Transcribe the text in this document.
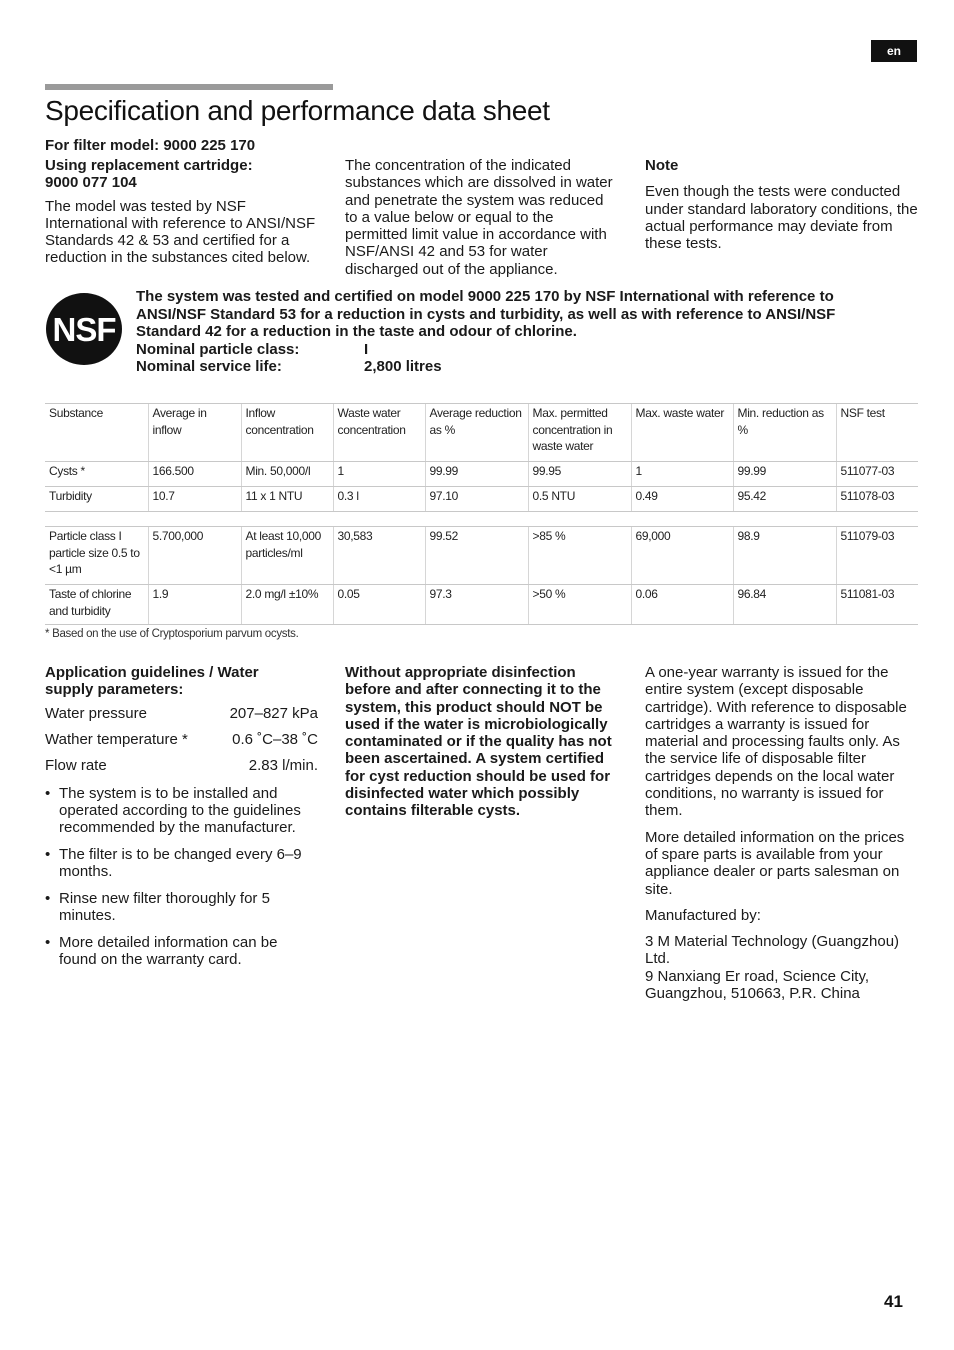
en
Specification and performance data sheet
For filter model: 9000 225 170

Using replacement cartridge:

9000 077 104

The model was tested by NSF International with reference to ANSI/NSF Standards 42 & 53 and certified for a reduction in the substances cited below.

The concentration of the indicated substances which are dissolved in water and penetrate the system was reduced to a value below or equal to the permitted limit value in accordance with NSF/ANSI 42 and 53 for water discharged out of the appliance.

Note

Even though the tests were conducted under standard laboratory conditions, the actual performance may deviate from these tests.

NSF

The system was tested and certified on model 9000 225 170 by NSF International with reference to ANSI/NSF Standard 53 for a reduction in cysts and turbidity, as well as with reference to ANSI/NSF Standard 42 for a reduction in the taste and odour of chlorine.

Nominal particle class:	I
Nominal service life:	2,800 litres
Substance	Average in inflow	Inflow concentration	Waste water concentration	Average reduction as %	Max. permitted concentration in waste water	Max. waste water	Min. reduction as %	NSF test
Cysts *	166.500	Min. 50,000/l	1	99.99	99.95	1	99.99	511077-03
Turbidity	10.7	11 x 1 NTU	0.3 l	97.10	0.5 NTU	0.49	95.42	511078-03
Particle class I particle size 0.5 to <1 µm	5.700,000	At least 10,000 particles/ml	30,583	99.52	>85 %	69,000	98.9	511079-03
Taste of chlorine and turbidity	1.9	2.0 mg/l ±10%	0.05	97.3	>50 %	0.06	96.84	511081-03
* Based on the use of Cryptosporium parvum ocysts.

Application guidelines / Water supply parameters:

Water pressure	207–827 kPa
Wather temperature *	0.6 ˚C–38 ˚C
Flow rate	2.83 l/min.
• The system is to be installed and operated according to the guidelines recommended by the manufacturer.
• The filter is to be changed every 6–9 months.
• Rinse new filter thoroughly for 5 minutes.
• More detailed information can be found on the warranty card.
Without appropriate disinfection before and after connecting it to the system, this product should NOT be used if the water is microbiologically contaminated or if the quality has not been ascertained. A system certified for cyst reduction should be used for disinfected water which possibly contains filterable cysts.

A one-year warranty is issued for the entire system (except disposable cartridge). With reference to disposable cartridges a warranty is issued for material and processing faults only. As the service life of disposable filter cartridges depends on the local water conditions, no warranty is issued for them.

More detailed information on the prices of spare parts is available from your appliance dealer or parts salesman on site.

Manufactured by:

3 M Material Technology (Guangzhou) Ltd.

9 Nanxiang Er road, Science City, Guangzhou, 510663, P.R. China

41
